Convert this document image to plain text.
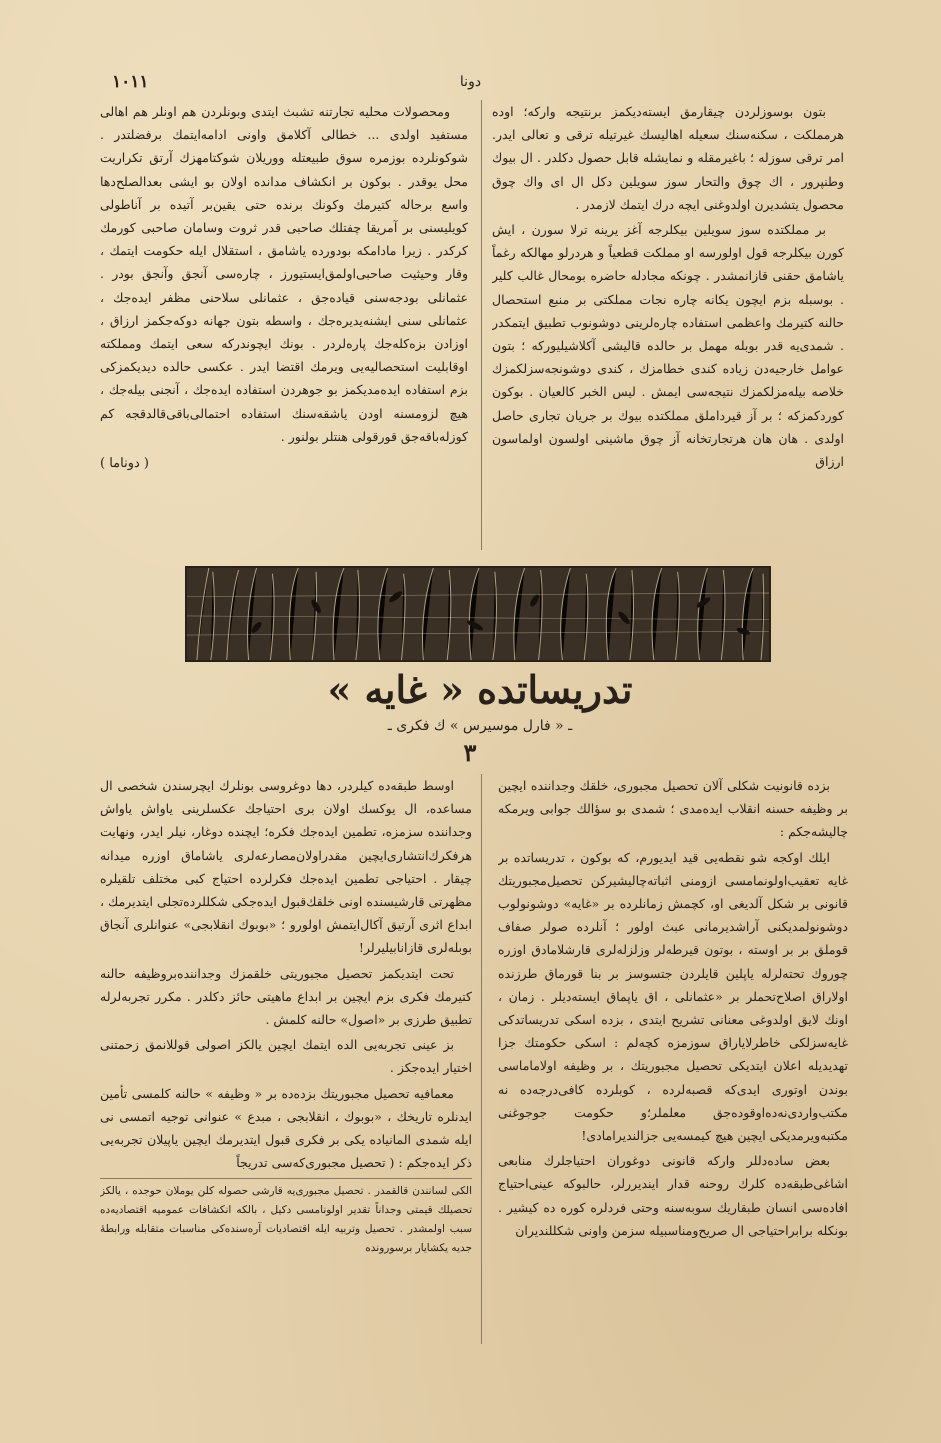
١٠١١	دونا

بتون بوسوزلردن چیقارمق ایسته‌دیکمز برنتیجه وارکه؛ اوده هرمملکت ، سکنه‌سنك سعیله اهالیسك غیرتیله ترقی و تعالی ایدر. امر ترقی سوزله ؛ باغیرمقله و نمایشله قابل حصول دکلدر . ال بیوك وطنپرور ، اك چوق والتحار سوز سویلین دکل ال ای واك چوق محصول یتشدیرن اولدوغنی ایچه درك ایتمك لازمدر .

بر مملکتده سوز سویلین بیکلرجه آغز یرینه ترلا سورن ، ایش کورن بیکلرجه قول اولورسه او مملکت قطعیاً و هردرلو مهالکه رغماً یاشامق حقنی قازانمشدر . چونکه مجادله حاضره بومحال غالب کلیر . بوسبله بزم ایچون یکانه چاره نجات مملکتی بر منبع استحصال حالنه کتیرمك واعظمی استفاده چاره‌لرینی دوشونوب تطبیق ایتمکدر . شمدی‌یه قدر بوبله مهمل بر حالده قالیشی آکلاشیلیورکه ؛ بتون عوامل خارجیه‌دن زیاده کندی خطامزك ، کندی دوشونجه‌سزلکمزك خلاصه بیله‌مزلکمزك نتیجه‌سی ایمش . لیس الخبر کالعیان . بوکون کوردکمزکه ؛ بر آز قیرداملق مملکتده بیوك بر جریان تجاری حاصل اولدی . هان هان هرتجارتخانه آز چوق ماشینی اولسون اولماسون ارزاق

ومحصولات محلیه تجارتنه تشبث ایتدی وبونلردن هم اونلر هم اهالی مستفید اولدی ... خطالی آکلامق واونی ادامه‌ایتمك برفضلتدر . شوکونلرده بوزمره سوق طبیعتله ووریلان شوکتامهزك آرتق تکراریت محل یوقدر . بوکون بر انکشاف مدانده اولان بو ایشی بعدالصلح‌دها واسع برحاله کتیرمك وکونك برنده حتی یقین‌بر آتیده بر آناطولی کویلیسنی بر آمریقا چفتلك صاحبی قدر ثروت وسامان صاحبی کورمك کرکدر . زیرا مادامکه بودورده یاشامق ، استقلال ایله حکومت ایتمك ، وقار وحیثیت صاحبی‌اولمق‌ایستیورز ، چاره‌سی آنجق وآنجق بودر . عثمانلی بودجه‌سنی قیاده‌جق ، عثمانلی سلاحنی مظفر ایده‌جك ، عثمانلی سنی ایشنه‌یدیره‌جك ، واسطه بتون جهانه دوکه‌جکمز ارزاق ، اوزادن بزه‌کله‌جك پاره‌لردر . بونك ایچوندرکه سعی ایتمك ومملکته اوقابلیت استحصالیه‌یی ویرمك اقتضا ایدر . عکسی حالده دیدیکمزکی بزم استفاده ایده‌مدیکمز بو جوهردن استفاده ایده‌جك ، آنجنی بیله‌جك ، هیچ لزومسنه اودن یاشقه‌سنك استفاده احتمالی‌باقی‌قالدقجه کم کوزله‌باقه‌جق قورقولی هنتلر بولنور .

( دوناما )
تدریساتده « غایه »
ـ « فارل موسیرس » ك فکری ـ
٣

بزده قانونیت شکلی آلان تحصیل مجبوری، خلقك وجداننده ایچین بر وظیفه حسنه انقلاب ایده‌مدی ؛ شمدی بو سؤالك جوابی ویرمکه چالیشه‌جکم :

ایلك اوکجه شو نقطه‌یی قید ایدیورم، که بوکون ، تدریساتده بر غایه تعقیب‌اولونمامسی ازومنی اثباته‌چالیشیرکن تحصیل‌مجبوریتك قانونی بر شکل آلدیغی او، کچمش زمانلرده بر «غایه» دوشونولوب دوشونولمدیکنی آراشدیرمانی عبث اولور ؛ آنلرده صولر صفاف قوملق بر بر اوسته ، بوتون قیرطه‌لر وزلزله‌لری قارشلامادق اوزره چوروك تحته‌لرله یاپلین قایلردن جتسوسز بر بنا قورماق طرزنده اولاراق اصلاح‌تحملر بر «عثمانلی ، اق یاپماق ایسته‌دیلر . زمان ، اونك لایق اولدوغی معنانی تشریح ایتدی ، بزده اسکی تدریساتدکی غایه‌سزلکی خاطرلایاراق سوزمزه کچه‌لم : اسکی حکومتك جزا تهدیدیله اعلان ایتدیکی تحصیل مجبوریتك ، بر وظیفه اولاماماسی بوندن اوتوری ایدی‌که قصبه‌لرده ، کوبلرده کافی‌درجه‌ده نه مکتب‌واردی‌نه‌ده‌اوقوده‌جق معلملر؛و حکومت جوجوغنی مکتبه‌ویرمدیکی ایچین هیچ کیمسه‌یی جزالندیرامادی!

بعض ساده‌دللر وارکه قانونی دوغوران احتیاجلرك منابعی اشاغی‌طبقه‌ده کلرك روحنه قدار ایندیررلر، حالبوکه عینی‌احتیاج افاده‌سی انسان طبقاریك سوبه‌سنه وحتی فردلره کوره ده کیشیر . بونکله برابراحتیاجی ال صریح‌ومناسبیله سزمن واونی شکللندیران

اوسط طبقه‌ده کیلردر، دها دوغروسی بونلرك ایچرسندن شخصی ال مساعده، ال یوکسك اولان بری احتیاجك عکسلرینی یاواش یاواش وجداننده سزمزه، تطمین ایده‌جك فکره؛ ایچنده دوغار، نیلر ایدر، ونهایت هرفکرك‌انتشاری‌ایچین مقدراولان‌مصارعه‌لری یاشاماق اوزره میدانه چیقار . احتیاجی تطمین ایده‌جك فکرلرده احتیاج کبی مختلف تلقیلره مظهرتی قارشیسنده اونی خلقك‌قبول ایده‌جکی شکللرده‌تجلی ایتدیرمك ، ابداع اثری آرتیق آکال‌ایتمش اولورو ؛ «بوبوك انقلابجی» عنوانلری آنجاق بوبله‌لری قازانابیلیرلر!

تحت ایتدیکمز تحصیل مجبوریتی خلقمزك وجداننده‌بروظیفه حالنه کتیرمك فکری بزم ایچین بر ابداع ماهیتی حائز دکلدر . مکرر تجربه‌لرله تطبیق طرزی بر «اصول» حالنه کلمش .

بز عینی تجربه‌یی الده ایتمك ایچین یالکز اصولی قوللانمق زحمتنی اختیار ایده‌جکز .

معمافیه تحصیل مجبوریتك بزده‌ده بر « وظیفه » حالنه کلمسی تأمین ایدنلره تاریخك ، «بوبوك ، انقلابجی ، مبدع » عنوانی توجیه اتمسی نی ایله شمدی المانیاده یکی بر فکری قبول ایتدیرمك ایچین یاپیلان تجربه‌یی ذکر ایده‌جکم : ( تحصیل مجبوری‌که‌سی تدریجاً

الکی لسانندن قالقمدر . تحصیل مجبوری‌یه قارشی حصوله کلن یوملان حوجده ، یالکز تحصیلك قیمتی وجداناً تقدیر اولونامسی دکیل ، بالکه انکشافات عمومیه اقتصادیه‌ده سبب اولمشدر . تحصیل وتربیه ایله اقتصادیات آره‌سنده‌کی مناسبات متقابله ورابطهٔ جدیه یکشایار برسورونده
